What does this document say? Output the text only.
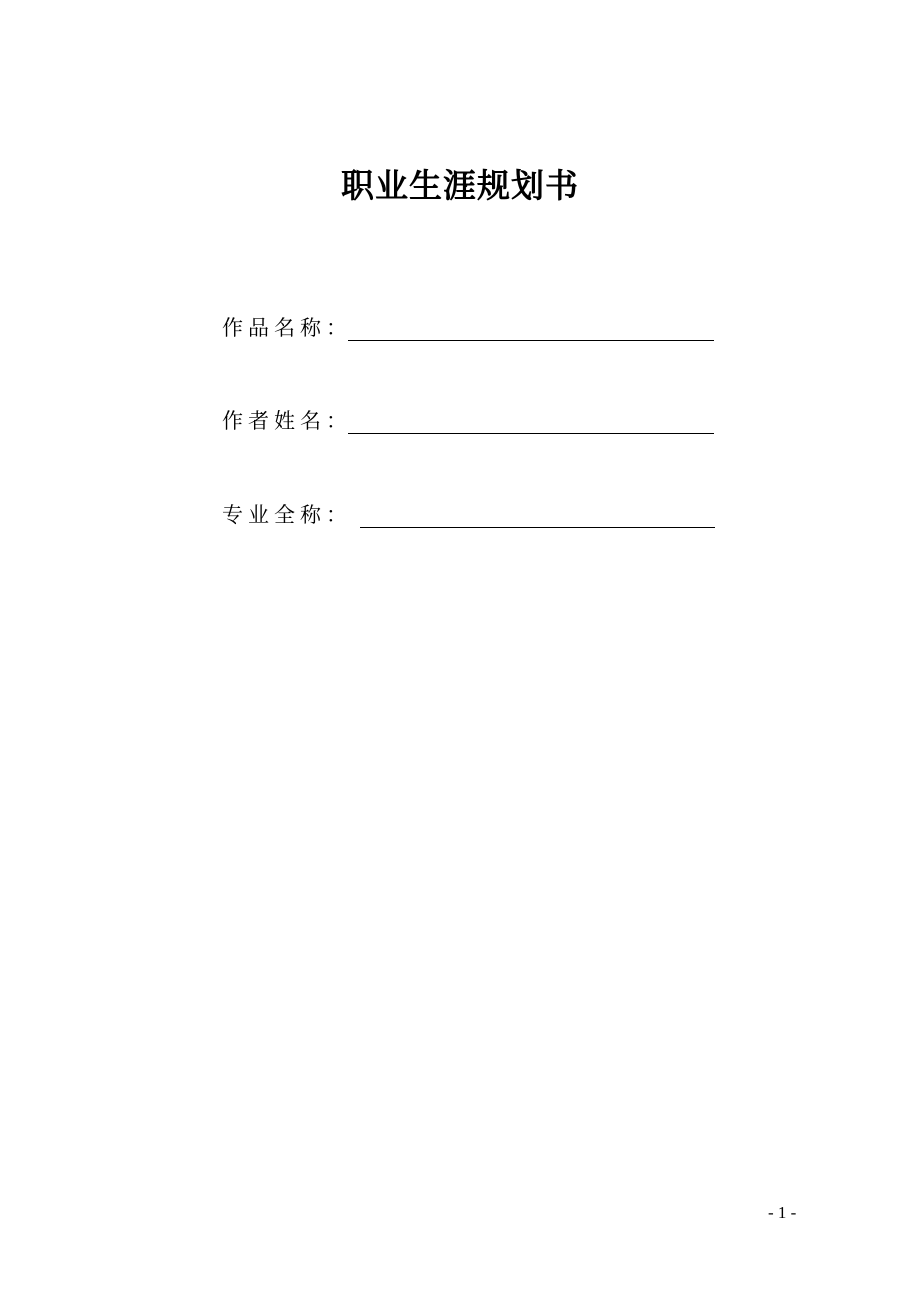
职业生涯规划书
作品名称：
作者姓名：
专业全称：
- 1 -
